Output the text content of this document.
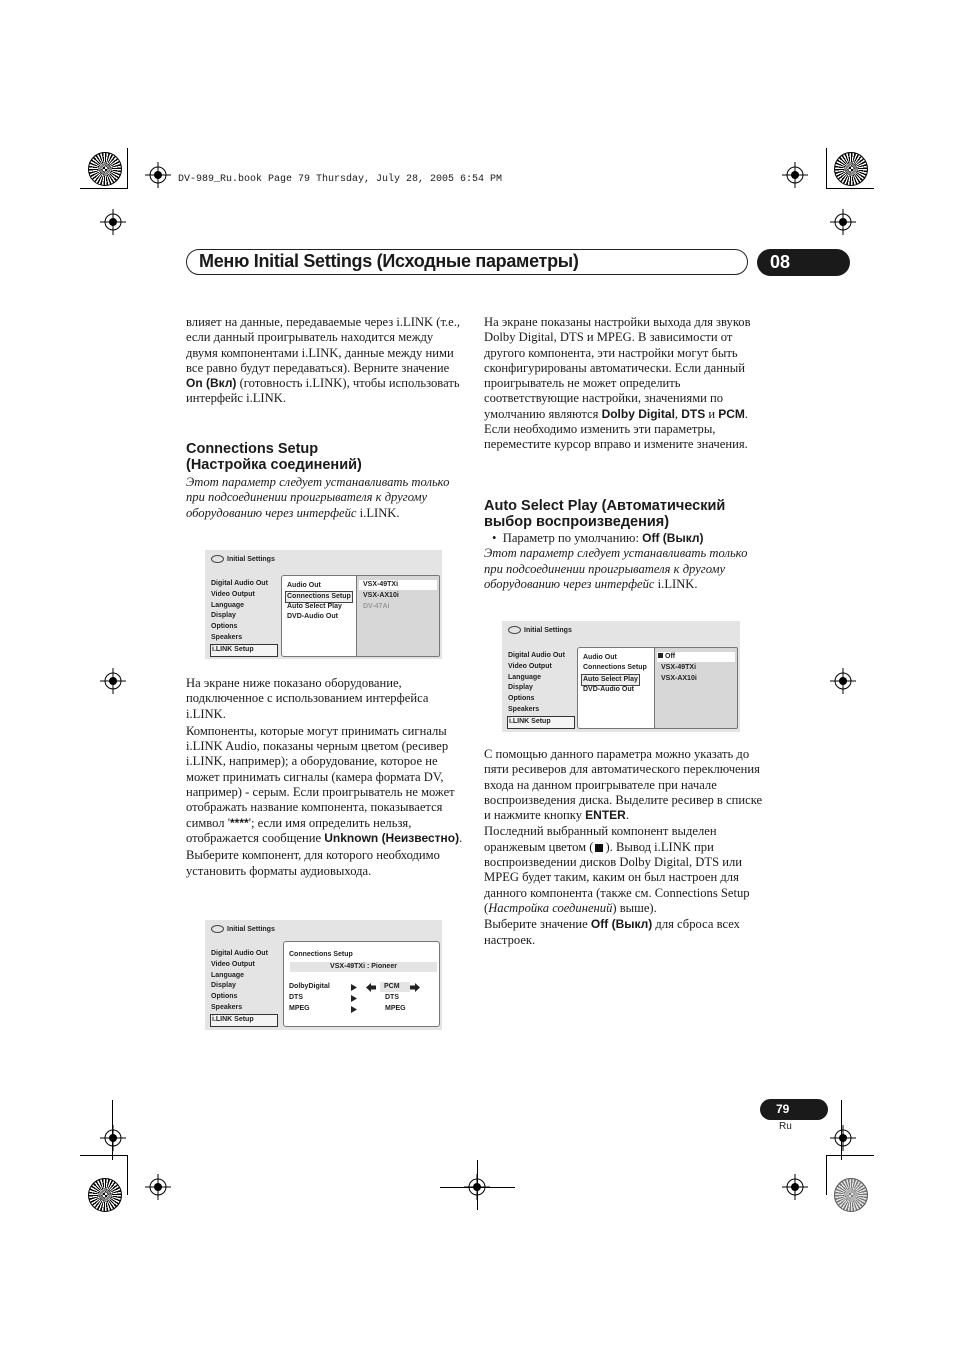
DV-989_Ru.book Page 79 Thursday, July 28, 2005 6:54 PM
Меню Initial Settings (Исходные параметры)	08

влияет на данные, передаваемые через i.LINK (т.е., если данный проигрыватель находится между двумя компонентами i.LINK, данные между ними все равно будут передаваться). Верните значение On (Вкл) (готовность i.LINK), чтобы использовать интерфейс i.LINK.

Connections Setup
(Настройка соединений)

Этот параметр следует устанавливать только при подсоединении проигрывателя к другому оборудованию через интерфейс i.LINK.

Initial Settings
Digital Audio Out
Video Output
Language
Display
Options
Speakers
i.LINK Setup
Audio Out
Connections Setup
Auto Select Play
DVD-Audio Out
VSX-49TXi
VSX-AX10i
DV-47Ai

На экране ниже показано оборудование, подключенное с использованием интерфейса i.LINK.

Компоненты, которые могут принимать сигналы i.LINK Audio, показаны черным цветом (ресивер i.LINK, например); а оборудование, которое не может принимать сигналы (камера формата DV, например) - серым. Если проигрыватель не может отображать название компонента, показывается символ '****'; если имя определить нельзя, отображается сообщение Unknown (Неизвестно).

Выберите компонент, для которого необходимо установить форматы аудиовыхода.

Initial Settings
Digital Audio Out
Video Output
Language
Display
Options
Speakers
i.LINK Setup
Connections Setup
VSX-49TXi : Pioneer
DolbyDigital
DTS
MPEG
PCM
DTS
MPEG

На экране показаны настройки выхода для звуков Dolby Digital, DTS и MPEG. В зависимости от другого компонента, эти настройки могут быть сконфигурированы автоматически. Если данный проигрыватель не может определить соответствующие настройки, значениями по умолчанию являются Dolby Digital, DTS и PCM. Если необходимо изменить эти параметры, переместите курсор вправо и измените значения.

Auto Select Play (Автоматический
выбор воспроизведения)

•  Параметр по умолчанию: Off (Выкл)

Этот параметр следует устанавливать только при подсоединении проигрывателя к другому оборудованию через интерфейс i.LINK.

Initial Settings
Digital Audio Out
Video Output
Language
Display
Options
Speakers
i.LINK Setup
Audio Out
Connections Setup
Auto Select Play
DVD-Audio Out
Off
VSX-49TXi
VSX-AX10i

С помощью данного параметра можно указать до пяти ресиверов для автоматического переключения входа на данном проигрывателе при начале воспроизведения диска. Выделите ресивер в списке и нажмите кнопку ENTER.

Последний выбранный компонент выделен оранжевым цветом ( ). Вывод i.LINK при воспроизведении дисков Dolby Digital, DTS или MPEG будет таким, каким он был настроен для данного компонента (также см. Connections Setup (Настройка соединений) выше).

Выберите значение Off (Выкл) для сброса всех настроек.

79
Ru
